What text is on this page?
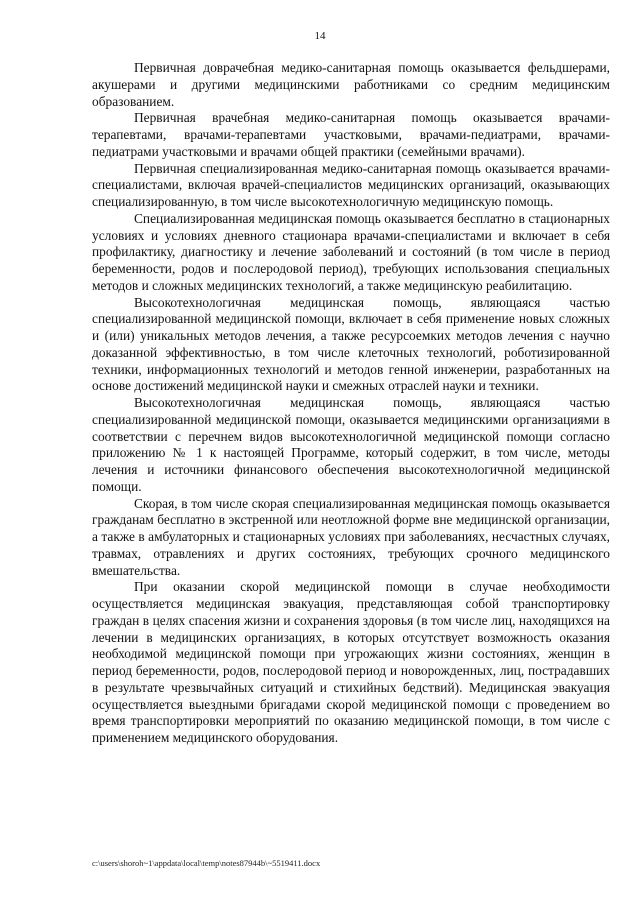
14

Первичная доврачебная медико-санитарная помощь оказывается фельдшерами, акушерами и другими медицинскими работниками со средним медицинским образованием.

Первичная врачебная медико-санитарная помощь оказывается врачами-терапевтами, врачами-терапевтами участковыми, врачами-педиатрами, врачами-педиатрами участковыми и врачами общей практики (семейными врачами).

Первичная специализированная медико-санитарная помощь оказывается врачами-специалистами, включая врачей-специалистов медицинских организаций, оказывающих специализированную, в том числе высокотехнологичную медицинскую помощь.

Специализированная медицинская помощь оказывается бесплатно в стационарных условиях и условиях дневного стационара врачами-специалистами и включает в себя профилактику, диагностику и лечение заболеваний и состояний (в том числе в период беременности, родов и послеродовой период), требующих использования специальных методов и сложных медицинских технологий, а также медицинскую реабилитацию.

Высокотехнологичная медицинская помощь, являющаяся частью специализированной медицинской помощи, включает в себя применение новых сложных и (или) уникальных методов лечения, а также ресурсоемких методов лечения с научно доказанной эффективностью, в том числе клеточных технологий, роботизированной техники, информационных технологий и методов генной инженерии, разработанных на основе достижений медицинской науки и смежных отраслей науки и техники.

Высокотехнологичная медицинская помощь, являющаяся частью специализированной медицинской помощи, оказывается медицинскими организациями в соответствии с перечнем видов высокотехнологичной медицинской помощи согласно приложению № 1 к настоящей Программе, который содержит, в том числе, методы лечения и источники финансового обеспечения высокотехнологичной медицинской помощи.

Скорая, в том числе скорая специализированная медицинская помощь оказывается гражданам бесплатно в экстренной или неотложной форме вне медицинской организации, а также в амбулаторных и стационарных условиях при заболеваниях, несчастных случаях, травмах, отравлениях и других состояниях, требующих срочного медицинского вмешательства.

При оказании скорой медицинской помощи в случае необходимости осуществляется медицинская эвакуация, представляющая собой транспортировку граждан в целях спасения жизни и сохранения здоровья (в том числе лиц, находящихся на лечении в медицинских организациях, в которых отсутствует возможность оказания необходимой медицинской помощи при угрожающих жизни состояниях, женщин в период беременности, родов, послеродовой период и новорожденных, лиц, пострадавших в результате чрезвычайных ситуаций и стихийных бедствий). Медицинская эвакуация осуществляется выездными бригадами скорой медицинской помощи с проведением во время транспортировки мероприятий по оказанию медицинской помощи, в том числе с применением медицинского оборудования.

c:\users\shoroh~1\appdata\local\temp\notes87944b\~5519411.docx
